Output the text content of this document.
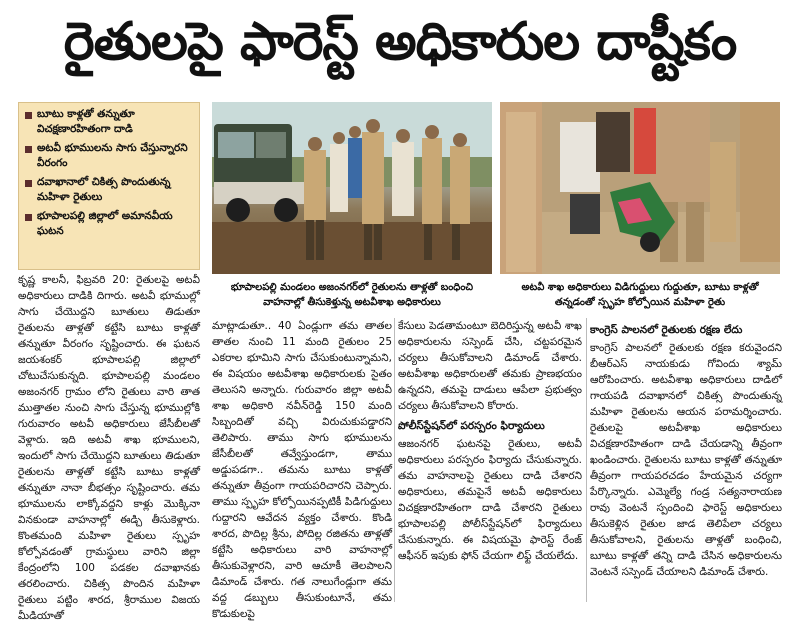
రైతులపై ఫారెస్ట్ అధికారుల దాష్టీకం
బూటు కాళ్లతో తన్నుతూ విచక్షణారహితంగా దాడి
అటవీ భూములను సాగు చేస్తున్నారని వీరంగం
దవాఖానాలో చికిత్స పొందుతున్న మహిళా రైతులు
భూపాలపల్లి జిల్లాలో అమానవీయ ఘటన
భూపాలపల్లి మండలం అజంనగర్‌లో రైతులను తాళ్లతో బంధించి వాహనాల్లో తీసుకెళ్తున్న అటవీశాఖ అధికారులు
అటవీ శాఖ అధికారులు విడిగుద్దులు గుద్దుతూ, బూటు కాళ్లతో తన్నడంతో స్పృహ కోల్పోయిన మహిళా రైతు
కృష్ణ కాలనీ, ఫిబ్రవరి 20: రైతులపై అటవీ అధికారులు దాడికి దిగారు. అటవీ భూముల్లో సాగు చేయొద్దని బూతులు తిడుతూ రైతులను తాళ్లతో కట్టేసి బూటు కాళ్లతో తన్నుతూ వీరంగం సృష్టించారు. ఈ ఘటన జయశంకర్ భూపాలపల్లి జిల్లాలో చోటుచేసుకున్నది. భూపాలపల్లి మండలం అజంనగర్ గ్రామం లోని రైతులు వారి తాత ముత్తాతల నుంచి సాగు చేస్తున్న భూముల్లోకి గురువారం అటవీ అధికారులు జేసీబీలతో వెళ్లారు. ఇది అటవీ శాఖ భూములని, ఇందులో సాగు చేయొద్దని బూతులు తిడుతూ రైతులను తాళ్లతో కట్టేసి బూటు కాళ్లతో తన్నుతూ నానా బీభత్సం సృష్టించారు. తమ భూములను లాక్కోవద్దని కాళ్లు మొక్కినా వినకుండా వాహనాల్లో ఈడ్చి తీసుకెళ్లారు. కొంతమంది మహిళా రైతులు స్పృహ కోల్పోవడంతో గ్రామస్థులు వారిని జిల్లా కేంద్రంలోని 100 పడకల దవాఖానకు తరలించారు. చికిత్స పొందిన మహిళా రైతులు పట్టిం శారద, శ్రీరాముల విజయ మీడియాతో
మాట్లాడుతూ.. 40 ఏండ్లుగా తమ తాతల తాతల నుంచి 11 మంది రైతులం 25 ఎకరాల భూమిని సాగు చేసుకుంటున్నామని, ఈ విషయం అటవీశాఖ అధికారులకు సైతం తెలుసని అన్నారు. గురువారం జిల్లా అటవీ శాఖ అధికారి నవీన్‌రెడ్డి 150 మంది సిబ్బందితో వచ్చి విరుచుకుపడ్డారని తెలిపారు. తాము సాగు భూములను జేసీబీలతో తవ్వేస్తుండగా, తాము అడ్డుపడగా.. తమను బూటు కాళ్లతో తన్నుతూ తీవ్రంగా గాయపరిచారని చెప్పారు. తాము స్పృహ కోల్పోయినప్పటికీ పిడిగుద్దులు గుద్దారని ఆవేదన వ్యక్తం చేశారు. కొండి శారద, పొదిల్ల శ్రీను, పోదిల్ల రజితను తాళ్లతో కట్టేసి అధికారులు వారి వాహనాల్లో తీసుకువెళ్లారని, వారి ఆచూకీ తెలపాలని డిమాండ్ చేశారు. గత నాలుగేండ్లుగా తమ వద్ద డబ్బులు తీసుకుంటూనే, తమ కొడుకులపై
కేసులు పెడతామంటూ బెదిరిస్తున్న అటవీ శాఖ అధికారులను సస్పెండ్ చేసి, చట్టపరమైన చర్యలు తీసుకోవాలని డిమాండ్ చేశారు. అటవీశాఖ అధికారులతో తమకు ప్రాణభయం ఉన్నదని, తమపై దాడులు ఆపేలా ప్రభుత్వం చర్యలు తీసుకోవాలని కోరారు.
పోలీస్‌స్టేషన్‌లో పరస్పరం ఫిర్యాదులు
ఆజంనగర్ ఘటనపై రైతులు, అటవీ అధికారులు పరస్పరం ఫిర్యాదు చేసుకున్నారు. తమ వాహనాలపై రైతులు దాడి చేశారని అధికారులు, తమపైనే అటవీ అధికారులు విచక్షణారహితంగా దాడి చేశారని రైతులు భూపాలపల్లి పోలీస్‌స్టేషన్‌లో ఫిర్యాదులు చేసుకున్నారు. ఈ విషయమై ఫారెస్ట్ రేంజ్ ఆఫీసర్ ఇపుకు ఫోన్ చేయగా లిఫ్ట్ చేయలేదు.
కాంగ్రెస్ పాలనలో రైతులకు రక్షణ లేదు
కాంగ్రెస్ పాలనలో రైతులకు రక్షణ కరువైందని బీఆర్‌ఎస్ నాయకుడు గోవిందు శ్యామ్ ఆరోపించారు. అటవీశాఖ అధికారులు దాడిలో గాయపడి దవాఖానలో చికిత్స పొందుతున్న మహిళా రైతులను ఆయన పరామర్శించారు. రైతులపై అటవీశాఖ అధికారులు విచక్షణారహితంగా దాడి చేయడాన్ని తీవ్రంగా ఖండించారు. రైతులను బూటు కాళ్లతో తన్నుతూ తీవ్రంగా గాయపరచడం హేయమైన చర్యగా పేర్కొన్నారు. ఎమ్మెల్యే గండ్ర సత్యనారాయణ రావు వెంటనే స్పందించి ఫారెస్ట్ అధికారులు తీసుకెళ్లిన రైతుల జాడ తెలిపేలా చర్యలు తీసుకోవాలని, రైతులను తాళ్లతో బంధించి, బూటు కాళ్లతో తన్ని దాడి చేసిన అధికారులను వెంటనే సస్పెండ్ చేయాలని డిమాండ్ చేశారు.
